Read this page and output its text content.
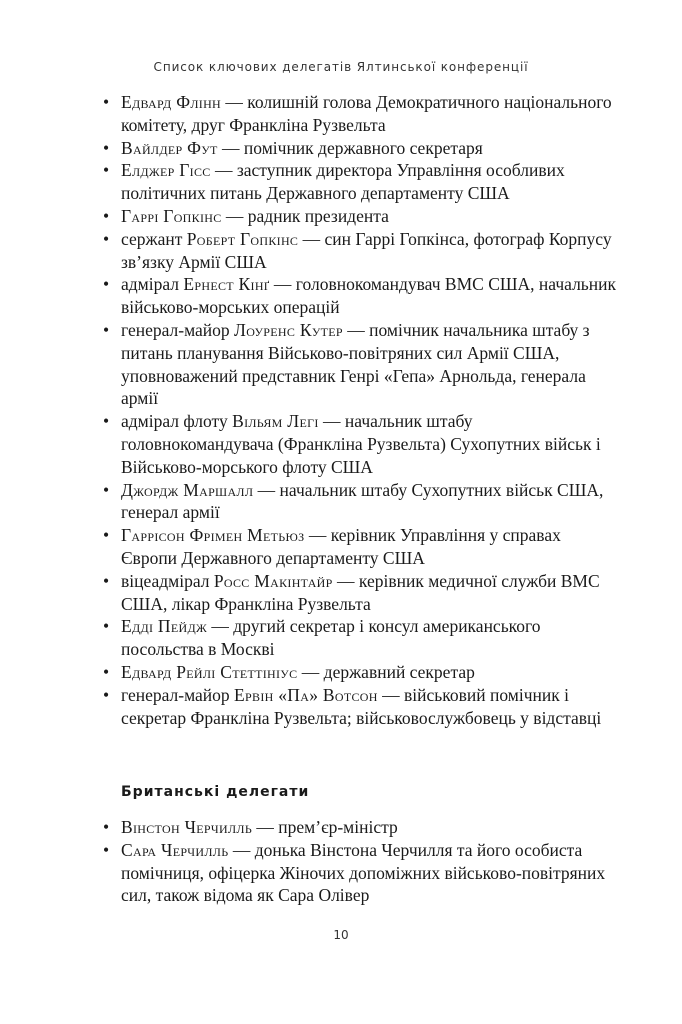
Список ключових делегатів Ялтинської конференції
• Едвард Флінн — колишній голова Демократичного національного комітету, друг Франкліна Рузвельта
• Вайлдер Фут — помічник державного секретаря
• Елджер Гісс — заступник директора Управління особливих політичних питань Державного департаменту США
• Гаррі Гопкінс — радник президента
• сержант Роберт Гопкінс — син Гаррі Гопкінса, фотограф Корпусу зв’язку Армії США
• адмірал Ернест Кінґ — головнокомандувач ВМС США, начальник військово-морських операцій
• генерал-майор Лоуренс Кутер — помічник начальника штабу з питань планування Військово-повітряних сил Армії США, уповноважений представник Генрі «Гепа» Арнольда, генерала армії
• адмірал флоту Вільям Легі — начальник штабу головнокомандувача (Франкліна Рузвельта) Сухопутних військ і Військово-морського флоту США
• Джордж Маршалл — начальник штабу Сухопутних військ США, генерал армії
• Гаррісон Фрімен Метьюз — керівник Управління у справах Європи Державного департаменту США
• віцеадмірал Росс Макінтайр — керівник медичної служби ВМС США, лікар Франкліна Рузвельта
• Едді Пейдж — другий секретар і консул американського посольства в Москві
• Едвард Рейлі Стеттініус — державний секретар
• генерал-майор Ервін «Па» Вотсон — військовий помічник і секретар Франкліна Рузвельта; військовослужбовець у відставці
Британські делегати
• Вінстон Черчилль — прем’єр-міністр
• Сара Черчилль — донька Вінстона Черчилля та його особиста помічниця, офіцерка Жіночих допоміжних військово-повітряних сил, також відома як Сара Олівер
10
